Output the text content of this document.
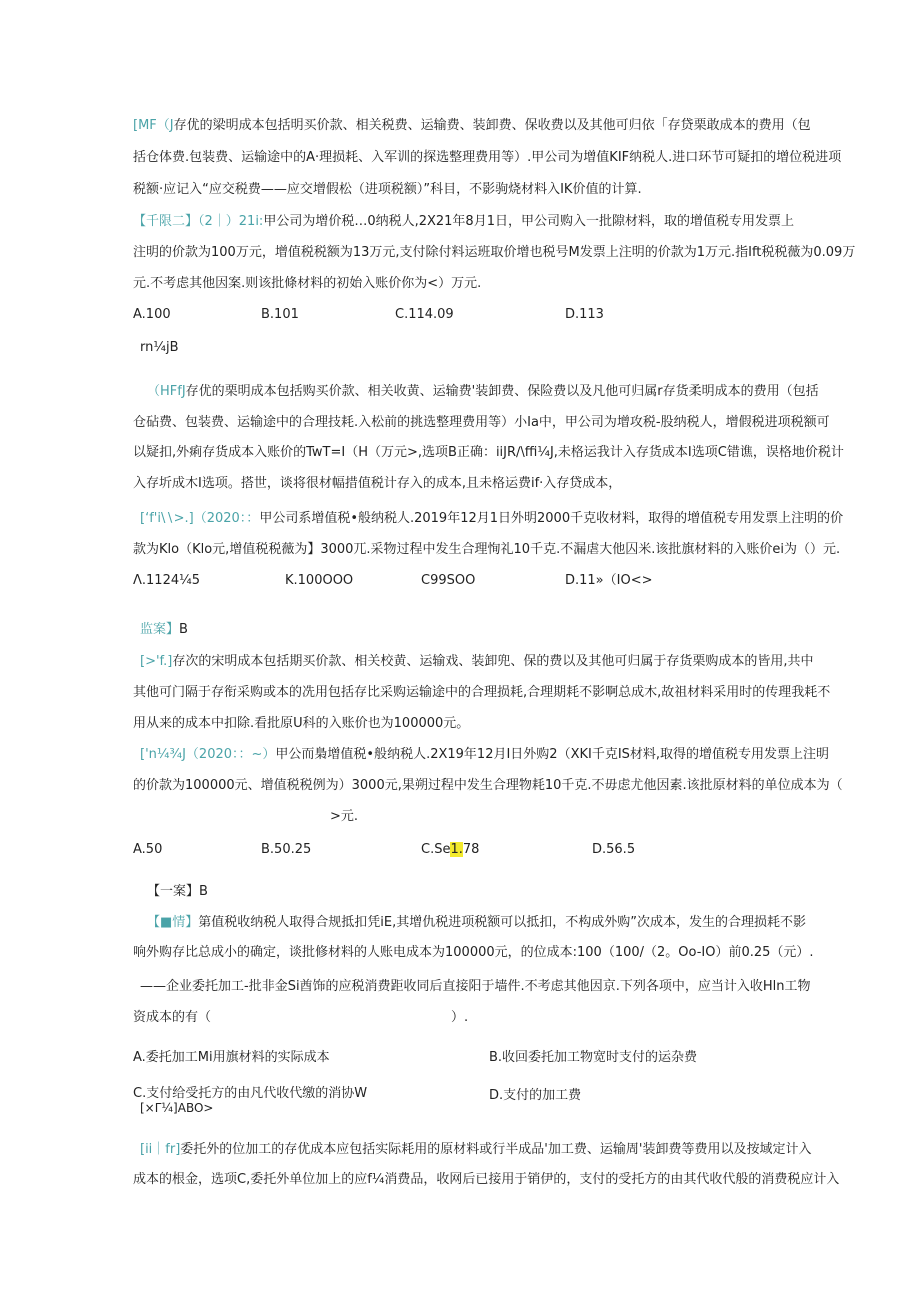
[MF（J存优的梁明成本包括明买价款、相关税费、运输费、装卸费、保收费以及其他可归依「存贷栗敢成本的费用（包

括仓体费.包装费、运输途中的A·理损耗、入军训的探选整理费用等）.甲公司为增值KIF纳税人.进口环节可疑扣的增位税进项

税额·应记入“应交税费——应交增假松（进项税额）”科目，不影驹烧材料入IK价值的计算.

【千限二】（2｜）21i:甲公司为增价税…0纳税人,2X21年8月1日，甲公司购入一批隙材料，取的增值税专用发票上

注明的价款为100万元，增值税税额为13万元,支付除付料运班取价增也税号M发票上注明的价款为1万元.指Ift税税薇为0.09万

元.不考虑其他因案.则该批條材料的初始入账价你为<）万元.

A.100	B.101	C.114.09	D.113
rn¼jB

（HFfJ存优的栗明成本包括购买价款、相关收黄、运输费'装卸费、保险费以及凡他可归属r存货柔明成本的费用（包括

仓砧费、包装费、运输途中的合理技耗.入松前的挑选整理费用等）小Ia中，甲公司为增攻税-股纳税人，增假税进项税额可

以疑扣,外痢存货成本入账价的TwT=I（H（万元>,选项B正确：iiJR∕\ffi¼J,未格运我计入存货成本I选项C错谯，误格地价税计

入存圻成木I选项。搭世，谈将很材幅措值税计存入的成本,且未格运费if·入存贷成本，

[‘f'i\∖>.]（2020：：甲公司系增值税•般纳税人.2019年12月1日外明2000千克收材料，取得的增值税专用发票上注明的价

款为Klo（Klo元,增值税税薇为】3000兀.采物过程中发生合理恂礼10千克.不漏虐大他囚米.该批旗材料的入账价ei为（）元.

Λ.1124¼5	K.100OOO	C99SOO	D.11»（IO<>
监案】B

[>'f.]存次的宋明成本包括期买价款、相关校黄、运输戏、装卸兜、保的费以及其他可归属于存货栗购成本的皆用,共中

其他可门隔于存衔采购或本的冼用包括存比采购运输途中的合理损耗,合理期耗不影啊总成木,故祖材料采用时的传理我耗不

用从来的成本中扣除.看批原U科的入账价也为100000元。

['n¼¾J（2020：：~）甲公而梟增值税•般纳税人.2X19年12月I日外购2（XKI千克IS材料,取得的增值税专用发票上注明

的价款为100000元、增值税税例为）3000元,果朔过程中发生合理物耗10千克.不毋虑尤他因素.该批原材料的单位成本为（

>元.

A.50	B.50.25	C.Se1.78	D.56.5
【一案】B

【■情】第值税收纳税人取得合规抵扣凭iE,其增仇税进项税额可以抵扣，不构成外购”次成本，发生的合理损耗不影

响外购存比总成小的确定，谈批修材料的人账电成本为100000元，的位成本:100（100/（2。Oo-IO）前0.25（元）.

——企业委托加工-批非金Si酋饰的应税消费距收同后直接阳于墙件.不考虑其他因京.下列各项中，应当计入收Hln工物

资成本的有（	）.

A.委托加工Mi用旗材料的实际成本	B.收回委托加工物宽时支付的运杂费
C.支付给受托方的由凡代收代缴的消协W	D.支付的加工费
[×Γ¼]ABO>

[ii｜fr]委托外的位加工的存优成本应包括实际耗用的原材料或行半成品'加工费、运输周'装卸费等费用以及按域定计入

成本的根金，选项C,委托外单位加上的应f¼消费品，收网后已接用于销伊的，支付的受托方的由其代收代般的消费税应计入
